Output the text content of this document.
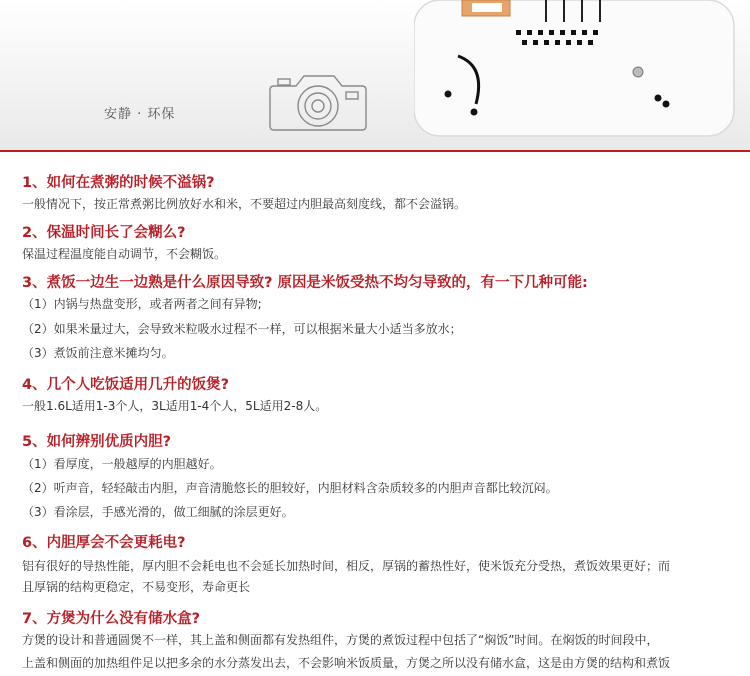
安静 · 环保
1、如何在煮粥的时候不溢锅?
一般情况下，按正常煮粥比例放好水和米，不要超过内胆最高刻度线，都不会溢锅。
2、保温时间长了会糊么?
保温过程温度能自动调节，不会糊饭。
3、煮饭一边生一边熟是什么原因导致? 原因是米饭受热不均匀导致的，有一下几种可能:
（1）内锅与热盘变形，或者两者之间有异物;
（2）如果米量过大，会导致米粒吸水过程不一样，可以根据米量大小适当多放水；
（3）煮饭前注意米摊均匀。
4、几个人吃饭适用几升的饭煲?
一般1.6L适用1-3个人，3L适用1-4个人，5L适用2-8人。
5、如何辨别优质内胆?
（1）看厚度，一般越厚的内胆越好。
（2）听声音，轻轻敲击内胆，声音清脆悠长的胆较好，内胆材料含杂质较多的内胆声音都比较沉闷。
（3）看涂层，手感光滑的，做工细腻的涂层更好。
6、内胆厚会不会更耗电?
铝有很好的导热性能，厚内胆不会耗电也不会延长加热时间，相反，厚锅的蓄热性好，使米饭充分受热，煮饭效果更好；而
且厚锅的结构更稳定，不易变形，寿命更长
7、方煲为什么没有储水盒?
方煲的设计和普通圆煲不一样，其上盖和侧面都有发热组件，方煲的煮饭过程中包括了“焖饭”时间。在焖饭的时间段中，
上盖和侧面的加热组件足以把多余的水分蒸发出去，不会影响米饭质量，方煲之所以没有储水盒，这是由方煲的结构和煮饭
